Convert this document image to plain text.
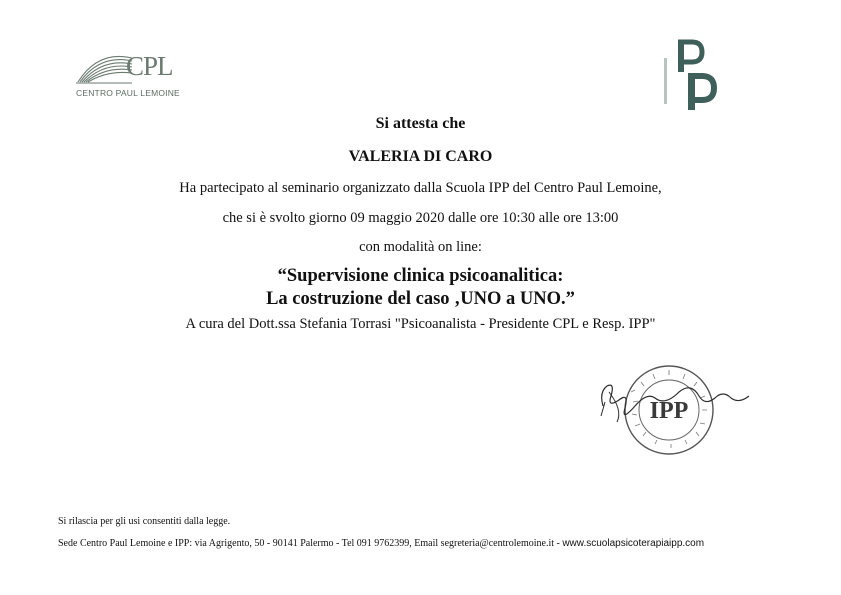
CPL
CENTRO PAUL LEMOINE
Si attesta che
VALERIA DI CARO
Ha partecipato al seminario organizzato dalla Scuola IPP del Centro Paul Lemoine,
che si è svolto giorno 09 maggio 2020 dalle ore 10:30 alle ore 13:00
con modalità on line:
“Supervisione clinica psicoanalitica:
La costruzione del caso ‚UNO a UNO.”
A cura del Dott.ssa Stefania Torrasi "Psicoanalista - Presidente CPL e Resp. IPP"
IPP
Si rilascia per gli usi consentiti dalla legge.
Sede Centro Paul Lemoine e IPP: via Agrigento, 50 - 90141 Palermo - Tel 091 9762399, Email segreteria@centrolemoine.it - www.scuolapsicoterapiaipp.com
